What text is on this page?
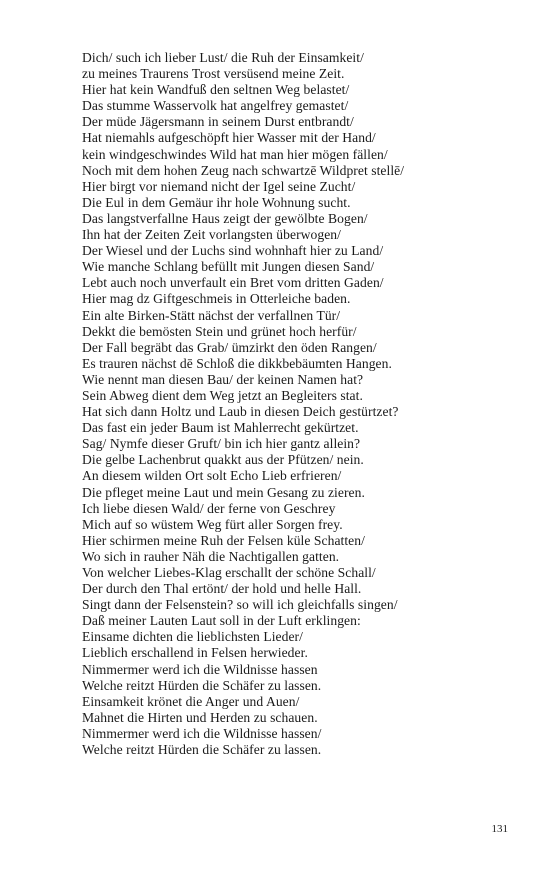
Dich/ such ich lieber Lust/ die Ruh der Einsamkeit/
zu meines Traurens Trost versüsend meine Zeit.
Hier hat kein Wandfuß den seltnen Weg belastet/
Das stumme Wasservolk hat angelfrey gemastet/
Der müde Jägersmann in seinem Durst entbrandt/
Hat niemahls aufgeschöpft hier Wasser mit der Hand/
kein windgeschwindes Wild hat man hier mögen fällen/
Noch mit dem hohen Zeug nach schwartzē Wildpret stellē/
Hier birgt vor niemand nicht der Igel seine Zucht/
Die Eul in dem Gemäur ihr hole Wohnung sucht.
Das langstverfallne Haus zeigt der gewölbte Bogen/
Ihn hat der Zeiten Zeit vorlangsten überwogen/
Der Wiesel und der Luchs sind wohnhaft hier zu Land/
Wie manche Schlang befüllt mit Jungen diesen Sand/
Lebt auch noch unverfault ein Bret vom dritten Gaden/
Hier mag dz Giftgeschmeis in Otterleiche baden.
Ein alte Birken-Stätt nächst der verfallnen Tür/
Dekkt die bemösten Stein und grünet hoch herfür/
Der Fall begräbt das Grab/ ümzirkt den öden Rangen/
Es trauren nächst dē Schloß die dikkbebäumten Hangen.
Wie nennt man diesen Bau/ der keinen Namen hat?
Sein Abweg dient dem Weg jetzt an Begleiters stat.
Hat sich dann Holtz und Laub in diesen Deich gestürtzet?
Das fast ein jeder Baum ist Mahlerrecht gekürtzet.
Sag/ Nymfe dieser Gruft/ bin ich hier gantz allein?
Die gelbe Lachenbrut quakkt aus der Pfützen/ nein.
An diesem wilden Ort solt Echo Lieb erfrieren/
Die pfleget meine Laut und mein Gesang zu zieren.
Ich liebe diesen Wald/ der ferne von Geschrey
Mich auf so wüstem Weg fürt aller Sorgen frey.
Hier schirmen meine Ruh der Felsen küle Schatten/
Wo sich in rauher Näh die Nachtigallen gatten.
Von welcher Liebes-Klag erschallt der schöne Schall/
Der durch den Thal ertönt/ der hold und helle Hall.
Singt dann der Felsenstein? so will ich gleichfalls singen/
Daß meiner Lauten Laut soll in der Luft erklingen:
Einsame dichten die lieblichsten Lieder/
Lieblich erschallend in Felsen herwieder.
Nimmermer werd ich die Wildnisse hassen
Welche reitzt Hürden die Schäfer zu lassen.
Einsamkeit krönet die Anger und Auen/
Mahnet die Hirten und Herden zu schauen.
Nimmermer werd ich die Wildnisse hassen/
Welche reitzt Hürden die Schäfer zu lassen.
131
